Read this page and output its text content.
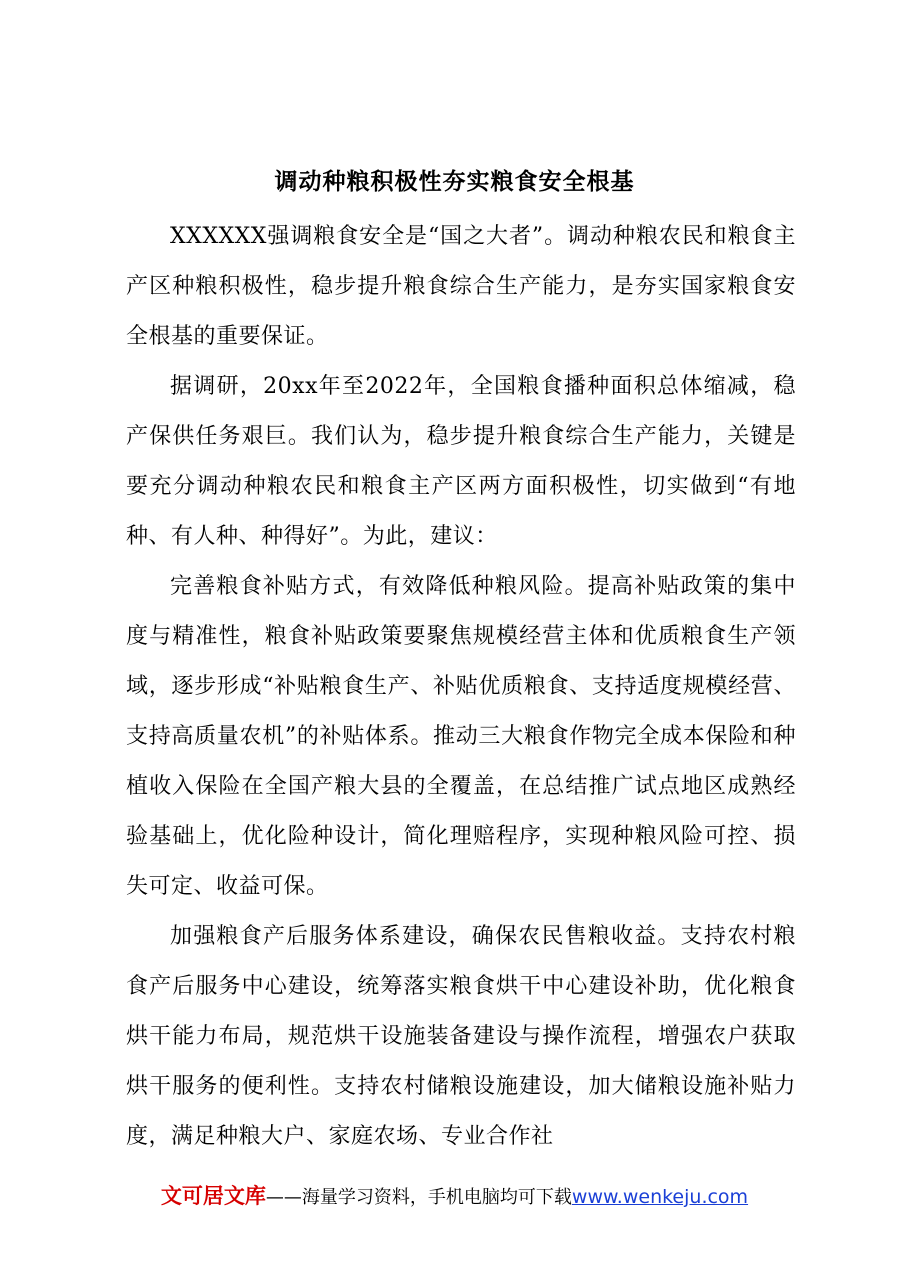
调动种粮积极性夯实粮食安全根基

XXXXXX强调粮食安全是“国之大者”。调动种粮农民和粮食主产区种粮积极性，稳步提升粮食综合生产能力，是夯实国家粮食安全根基的重要保证。

据调研，20xx年至2022年，全国粮食播种面积总体缩减，稳产保供任务艰巨。我们认为，稳步提升粮食综合生产能力，关键是要充分调动种粮农民和粮食主产区两方面积极性，切实做到“有地种、有人种、种得好”。为此，建议：

完善粮食补贴方式，有效降低种粮风险。提高补贴政策的集中度与精准性，粮食补贴政策要聚焦规模经营主体和优质粮食生产领域，逐步形成“补贴粮食生产、补贴优质粮食、支持适度规模经营、支持高质量农机”的补贴体系。推动三大粮食作物完全成本保险和种植收入保险在全国产粮大县的全覆盖，在总结推广试点地区成熟经验基础上，优化险种设计，简化理赔程序，实现种粮风险可控、损失可定、收益可保。

加强粮食产后服务体系建设，确保农民售粮收益。支持农村粮食产后服务中心建设，统筹落实粮食烘干中心建设补助，优化粮食烘干能力布局，规范烘干设施装备建设与操作流程，增强农户获取烘干服务的便利性。支持农村储粮设施建设，加大储粮设施补贴力度，满足种粮大户、家庭农场、专业合作社

文可居文库——海量学习资料，手机电脑均可下载www.wenkeju.com
